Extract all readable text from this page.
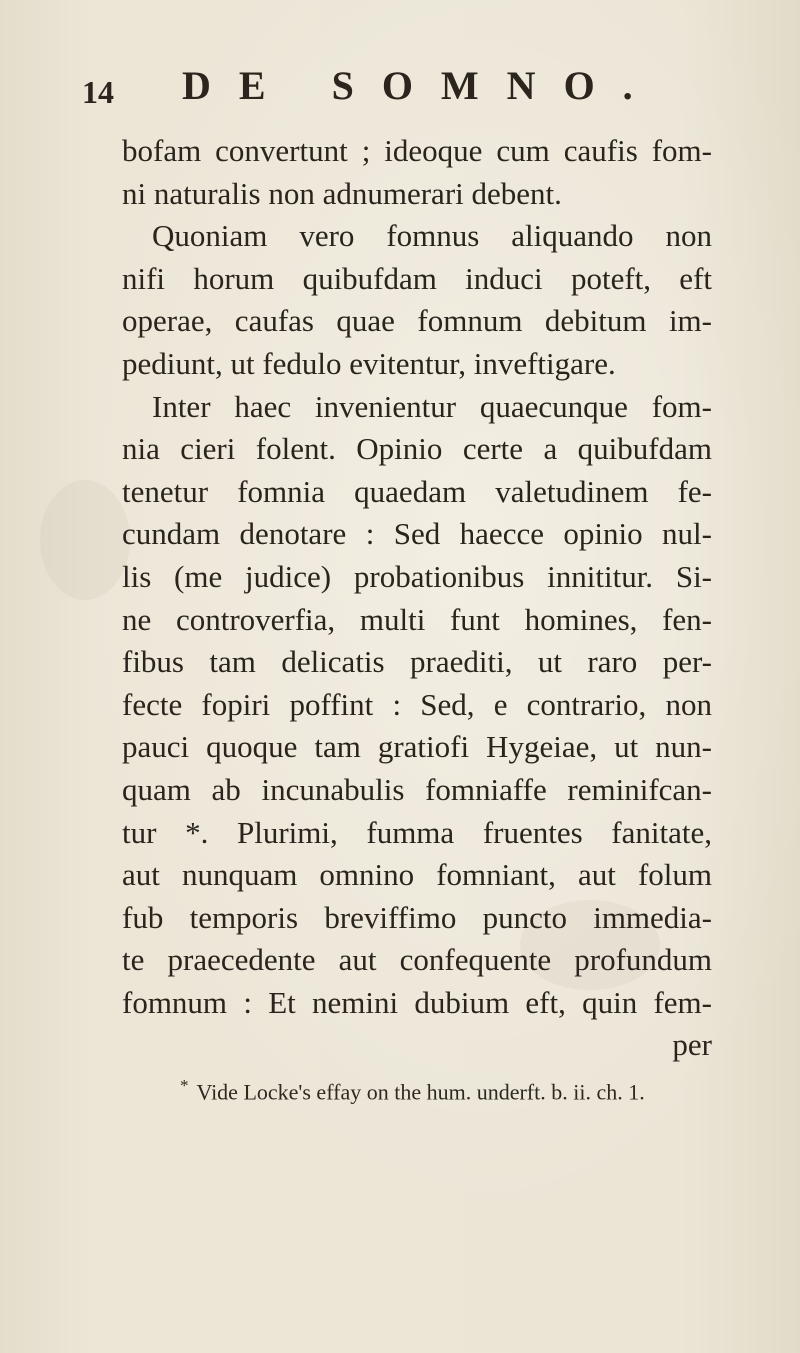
14 DE SOMNO.
bofam convertunt ; ideoque cum caufis fom-
ni naturalis non adnumerari debent.
Quoniam vero fomnus aliquando non
nifi horum quibufdam induci poteft, eft
operae, caufas quae fomnum debitum im-
pediunt, ut fedulo evitentur, inveftigare.
Inter haec invenientur quaecunque fom-
nia cieri folent. Opinio certe a quibufdam
tenetur fomnia quaedam valetudinem fe-
cundam denotare : Sed haecce opinio nul-
lis (me judice) probationibus innititur. Si-
ne controverfia, multi funt homines, fen-
fibus tam delicatis praediti, ut raro per-
fecte fopiri poffint : Sed, e contrario, non
pauci quoque tam gratiofi Hygeiae, ut nun-
quam ab incunabulis fomniaffe reminifcan-
tur *. Plurimi, fumma fruentes fanitate,
aut nunquam omnino fomniant, aut folum
fub temporis breviffimo puncto immedia-
te praecedente aut confequente profundum
fomnum : Et nemini dubium eft, quin fem-
per
* Vide Locke's effay on the hum. underft. b. ii. ch. 1.
